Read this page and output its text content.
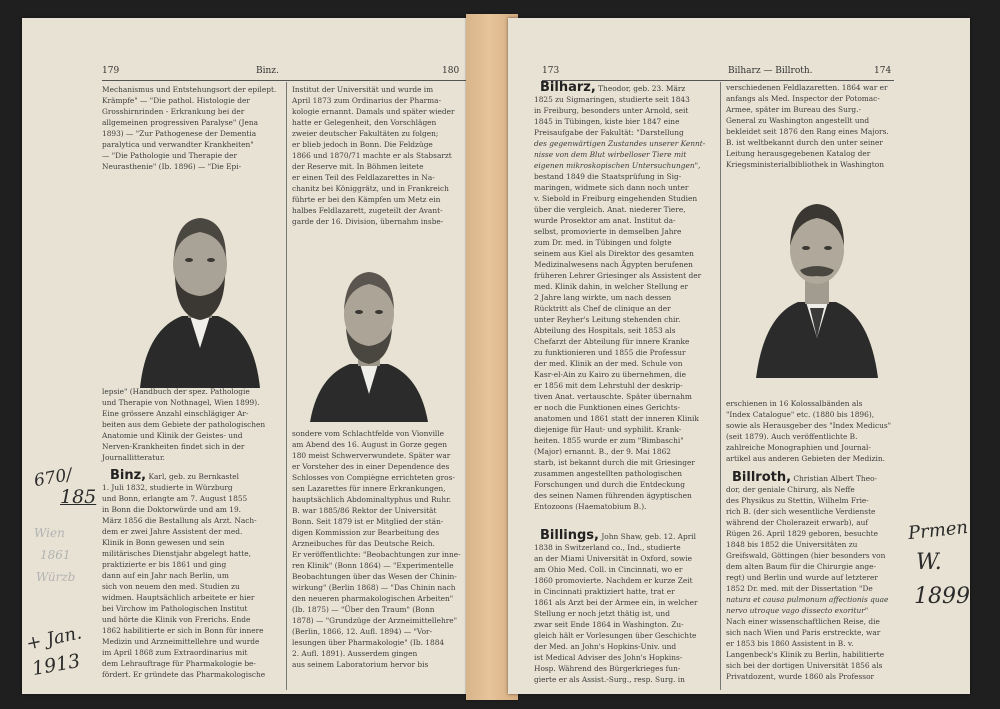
179	Binz.	180

Mechanismus und Entstehungsort der epilept.

Krämpfe" — "Die pathol. Histologie der

Grosshirnrinden - Erkrankung bei der

allgemeinen progressiven Paralyse" (Jena

1893) — "Zur Pathogenese der Dementia

paralytica und verwandter Krankheiten"

— "Die Pathologie und Therapie der

Neurasthenie" (Ib. 1896) — "Die Epi-

lepsie" (Handbuch der spez. Pathologie

und Therapie von Nothnagel, Wien 1899).

Eine grössere Anzahl einschlägiger Ar-

beiten aus dem Gebiete der pathologischen

Anatomie und Klinik der Geistes- und

Nerven-Krankheiten findet sich in der

Journallitteratur.

Binz, Karl, geb. zu Bernkastel

1. Juli 1832, studierte in Würzburg

und Bonn, erlangte am 7. August 1855

in Bonn die Doktorwürde und am 19.

März 1856 die Bestallung als Arzt. Nach-

dem er zwei Jahre Assistent der med.

Klinik in Bonn gewesen und sein

militärisches Dienstjahr abgelegt hatte,

praktizierte er bis 1861 und ging

dann auf ein Jahr nach Berlin, um

sich von neuem den med. Studien zu

widmen. Hauptsächlich arbeitete er hier

bei Virchow im Pathologischen Institut

und hörte die Klinik von Frerichs. Ende

1862 habilitierte er sich in Bonn für innere

Medizin und Arzneimittellehre und wurde

im April 1868 zum Extraordinarius mit

dem Lehrauftrage für Pharmakologie be-

fördert. Er gründete das Pharmakologische

Institut der Universität und wurde im

April 1873 zum Ordinarius der Pharma-

kologie ernannt. Damals und später wieder

hatte er Gelegenheit, den Vorschlägen

zweier deutscher Fakultäten zu folgen;

er blieb jedoch in Bonn. Die Feldzüge

1866 und 1870/71 machte er als Stabsarzt

der Reserve mit. In Böhmen leitete

er einen Teil des Feldlazarettes in Na-

chanitz bei Königgrätz, und in Frankreich

führte er bei den Kämpfen um Metz ein

halbes Feldlazarett, zugeteilt der Avant-

garde der 16. Division, übernahm insbe-

sondere vom Schlachtfelde von Vionville

am Abend des 16. August in Gorze gegen

180 meist Schwerverwundete. Später war

er Vorsteher des in einer Dependence des

Schlosses von Compiègne errichteten gros-

sen Lazarettes für innere Erkrankungen,

hauptsächlich Abdominaltyphus und Ruhr.

B. war 1885/86 Rektor der Universität

Bonn. Seit 1879 ist er Mitglied der stän-

digen Kommission zur Bearbeitung des

Arzneibuches für das Deutsche Reich.

Er veröffentlichte: "Beobachtungen zur inne-

ren Klinik" (Bonn 1864) — "Experimentelle

Beobachtungen über das Wesen der Chinin-

wirkung" (Berlin 1868) — "Das Chinin nach

den neueren pharmakologischen Arbeiten"

(Ib. 1875) — "Über den Traum" (Bonn

1878) — "Grundzüge der Arzneimittellehre"

(Berlin, 1866, 12. Aufl. 1894) — "Vor-

lesungen über Pharmakologie" (Ib. 1884

2. Aufl. 1891). Ausserdem gingen

aus seinem Laboratorium hervor bis

670/
185
Wien
1861
Würzb
+ Jan.
1913
173	Bilharz — Billroth.	174

Bilharz, Theodor, geb. 23. März

1825 zu Sigmaringen, studierte seit 1843

in Freiburg, besonders unter Arnold, seit

1845 in Tübingen, kiste bier 1847 eine

Preisaufgabe der Fakultät: "Darstellung

des gegenwärtigen Zustandes unserer Kennt-

nisse von dem Blut wirbelloser Tiere mit

eigenen mikroskopischen Untersuchungen",

bestand 1849 die Staatsprüfung in Sig-

maringen, widmete sich dann noch unter

v. Siebold in Freiburg eingehenden Studien

über die vergleich. Anat. niederer Tiere,

wurde Prosektor am anat. Institut da-

selbst, promovierte in demselben Jahre

zum Dr. med. in Tübingen und folgte

seinem aus Kiel als Direktor des gesamten

Medizinalwesens nach Ägypten berufenen

früheren Lehrer Griesinger als Assistent der

med. Klinik dahin, in welcher Stellung er

2 Jahre lang wirkte, um nach dessen

Rücktritt als Chef de clinique an der

unter Reyher's Leitung stehenden chir.

Abteilung des Hospitals, seit 1853 als

Chefarzt der Abteilung für innere Kranke

zu funktionieren und 1855 die Professur

der med. Klinik an der med. Schule von

Kasr-el-Ain zu Kairo zu übernehmen, die

er 1856 mit dem Lehrstuhl der deskrip-

tiven Anat. vertauschte. Später übernahm

er noch die Funktionen eines Gerichts-

anatomen und 1861 statt der inneren Klinik

diejenige für Haut- und syphilit. Krank-

heiten. 1855 wurde er zum "Bimbaschi"

(Major) ernannt. B., der 9. Mai 1862

starb, ist bekannt durch die mit Griesinger

zusammen angestellten pathologischen

Forschungen und durch die Entdeckung

des seinen Namen führenden ägyptischen

Entozoons (Haematobium B.).

Billings, John Shaw, geb. 12. April

1838 in Switzerland co., Ind., studierte

an der Miami Universität in Oxford, sowie

am Ohio Med. Coll. in Cincinnati, wo er

1860 promovierte. Nachdem er kurze Zeit

in Cincinnati praktiziert hatte, trat er

1861 als Arzt bei der Armee ein, in welcher

Stellung er noch jetzt thätig ist, und

zwar seit Ende 1864 in Washington. Zu-

gleich hält er Vorlesungen über Geschichte

der Med. an John's Hopkins-Univ. und

ist Medical Adviser des John's Hopkins-

Hosp. Während des Bürgerkrieges fun-

gierte er als Assist.-Surg., resp. Surg. in

verschiedenen Feldlazaretten. 1864 war er

anfangs als Med. Inspector der Potomac-

Armee, später im Bureau des Surg.-

General zu Washington angestellt und

bekleidet seit 1876 den Rang eines Majors.

B. ist weltbekannt durch den unter seiner

Leitung herausgegebenen Katalog der

Kriegsministerialbibliothek in Washington

erschienen in 16 Kolossalbänden als

"Index Catalogue" etc. (1880 bis 1896),

sowie als Herausgeber des "Index Medicus"

(seit 1879). Auch veröffentlichte B.

zahlreiche Monographien und Journal-

artikel aus anderen Gebieten der Medizin.

Billroth, Christian Albert Theo-

dor, der geniale Chirurg, als Neffe

des Physikus zu Stettin, Wilhelm Frie-

rich B. (der sich wesentliche Verdienste

während der Cholerazeit erwarb), auf

Rügen 26. April 1829 geboren, besuchte

1848 bis 1852 die Universitäten zu

Greifswald, Göttingen (hier besonders von

dem alten Baum für die Chirurgie ange-

regt) und Berlin und wurde auf letzterer

1852 Dr. med. mit der Dissertation "De

natura et causa pulmonum affectionis quae

nervo utroque vago dissecto exoritur"

Nach einer wissenschaftlichen Reise, die

sich nach Wien und Paris erstreckte, war

er 1853 bis 1860 Assistent in B. v.

Langenbeck's Klinik zu Berlin, habilitierte

sich bei der dortigen Universität 1856 als

Privatdozent, wurde 1860 als Professor

Prmen
W.
1899
